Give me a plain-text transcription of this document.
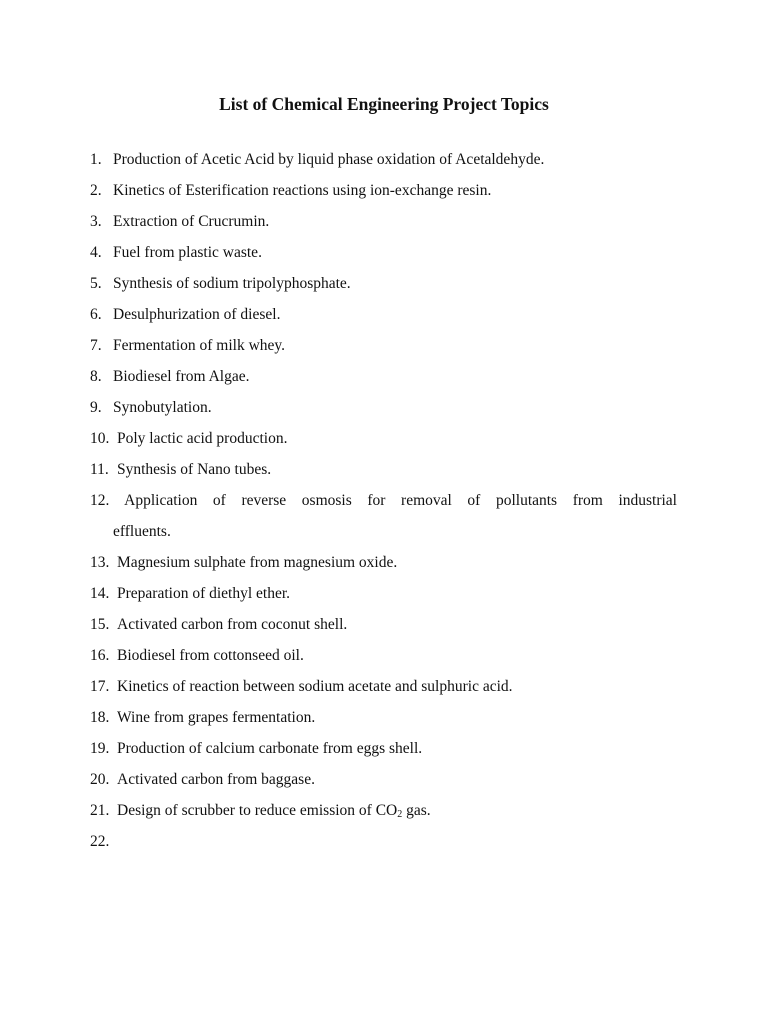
List of Chemical Engineering Project Topics
1. Production of Acetic Acid by liquid phase oxidation of Acetaldehyde.
2. Kinetics of Esterification reactions using ion-exchange resin.
3. Extraction of Crucrumin.
4. Fuel from plastic waste.
5. Synthesis of sodium tripolyphosphate.
6. Desulphurization of diesel.
7. Fermentation of milk whey.
8. Biodiesel from Algae.
9. Synobutylation.
10. Poly lactic acid production.
11. Synthesis of Nano tubes.
12. Application of reverse osmosis for removal of pollutants from industrial
effluents.
13. Magnesium sulphate from magnesium oxide.
14. Preparation of diethyl ether.
15. Activated carbon from coconut shell.
16. Biodiesel from cottonseed oil.
17. Kinetics of reaction between sodium acetate and sulphuric acid.
18. Wine from grapes fermentation.
19. Production of calcium carbonate from eggs shell.
20. Activated carbon from baggase.
21. Design of scrubber to reduce emission of $CO_2$ gas.
22.
